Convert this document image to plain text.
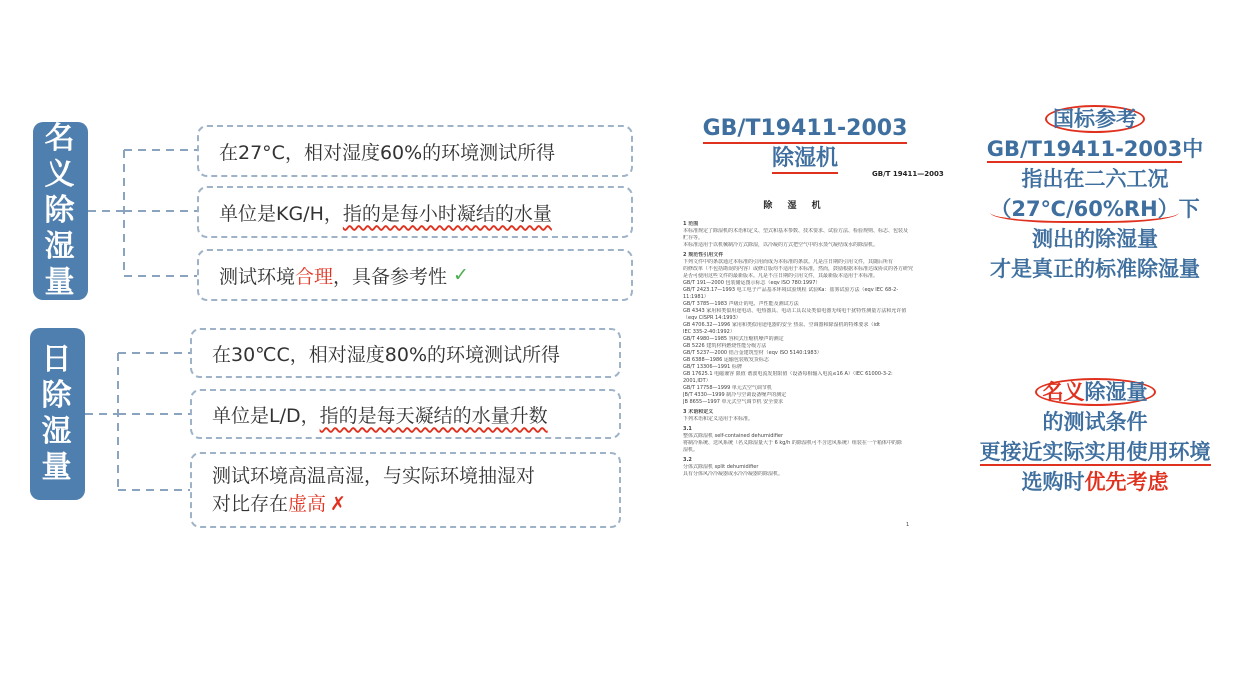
名
义
除
湿
量
在27°C，相对湿度60%的环境测试所得
单位是KG/H， 指的是每小时凝结的水量
测试环境 合理 ，具备参考性 ✓
日
除
湿
量
在30℃C，相对湿度80%的环境测试所得
单位是L/D， 指的是每天凝结的水量升数
测试环境高温高湿，与实际环境抽湿对
对比存在虚高 ✗
GB/T19411-2003
除湿机
GB/T 19411—2003
除 湿 机
1 范围
本标准规定了除湿机的术语和定义、型式和基本参数、技术要求、试验方法、检验规则、标志、包装及
贮存等。
本标准适用于以机械制冷方式除湿，以冷凝的方式把空气中的水蒸气凝结成水的除湿机。
2 规范性引用文件
下列文件中的条款通过本标准的引用而成为本标准的条款。凡是注日期的引用文件，其随后所有
的修改单（不包括勘误的内容）或修订版均不适用于本标准，然而，鼓励根据本标准达成协议的各方研究
是否可使用这些文件的最新版本。凡是不注日期的引用文件，其最新版本适用于本标准。
GB/T 191—2000 包装储运图示标志（eqv ISO 780:1997）
GB/T 2423.17—1993 电工电子产品基本环境试验规程 试验Ka：盐雾试验方法（eqv IEC 68-2-
11:1981）
GB/T 3785—1983 声级计的电、声性能及测试方法
GB 4343 家用和类似用途电动、电热器具、电动工具以及类似电器无线电干扰特性测量方法和允许值
（eqv CISPR 14:1993）
GB 4706.32—1996 家用和类似用途电器的安全 热泵、空调器和除湿机的特殊要求（idt
IEC 335-2-40:1992）
GB/T 4980—1985 容积式压缩机噪声的测定
GB 5226 建筑材料燃烧性能分级方法
GB/T 5237—2000 铝合金建筑型材（eqv ISO 5140:1983）
GB 6388—1986 运输包装收发货标志
GB/T 13306—1991 标牌
GB 17625.1 电磁兼容 限值 谐波电流发射限值（设备每相输入电流≤16 A）（IEC 61000-3-2:
2001,IDT）
GB/T 17758—1999 单元式空气调节机
JB/T 4330—1999 制冷与空调设备噪声的测定
JB 8655—1997 单元式空气调节机 安全要求
3 术语和定义
下列术语和定义适用于本标准。
3.1
整体式除湿机 self-contained dehumidifier
将制冷系统、送风系统（名义除湿量大于 6 kg/h 的除湿机可不含送风系统）组装在一个箱体中的除
湿机。
3.2
分体式除湿机 split dehumidifier
具有分体风冷冷凝器或水冷冷凝器的除湿机。
1
国标参考
GB/T19411-2003中
指出在二六工况
（27℃/60%RH）下
测出的除湿量
才是真正的标准除湿量
名义除湿量
的测试条件
更接近实际实用使用环境
选购时优先考虑
